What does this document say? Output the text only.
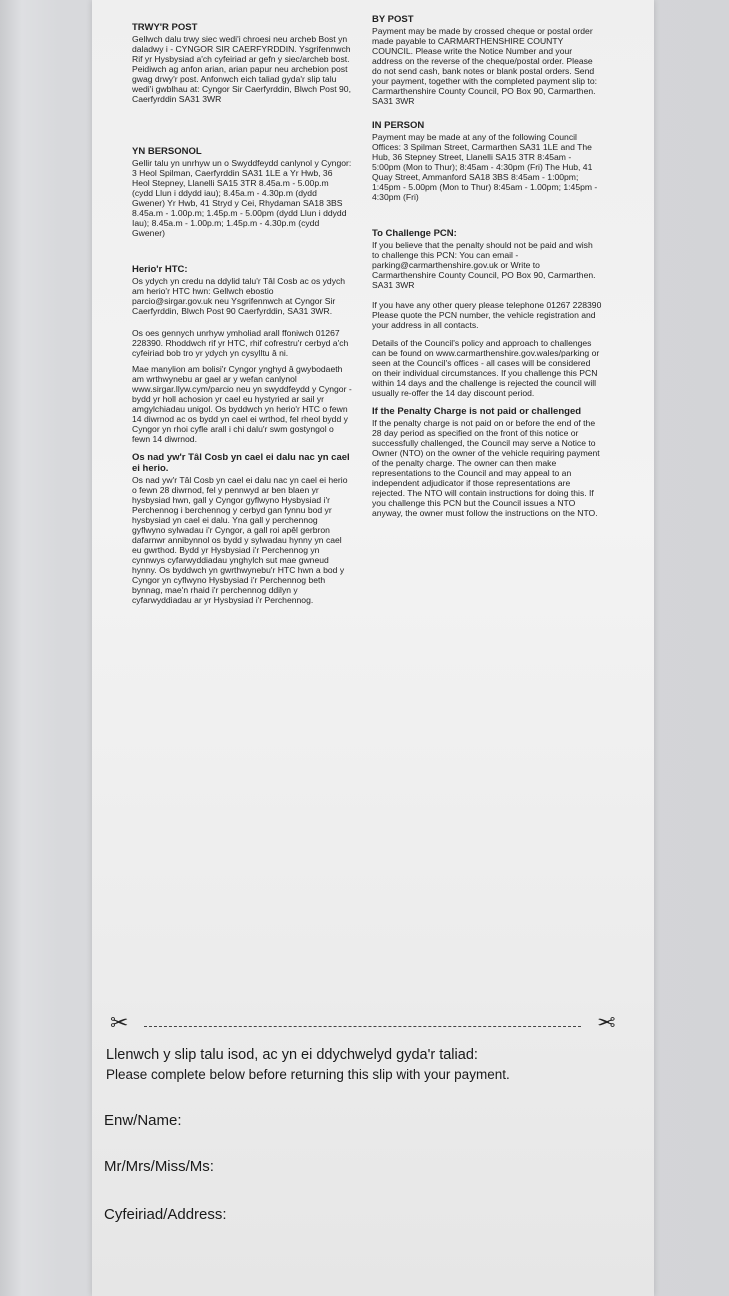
TRWY'R POST

Gellwch dalu trwy siec wedi'i chroesi neu archeb Bost yn daladwy i - CYNGOR SIR CAERFYRDDIN. Ysgrifennwch Rif yr Hysbysiad a'ch cyfeiriad ar gefn y siec/archeb bost. Peidiwch ag anfon arian, arian papur neu archebion post gwag drwy'r post. Anfonwch eich taliad gyda'r slip talu wedi'i gwblhau at: Cyngor Sir Caerfyrddin, Blwch Post 90, Caerfyrddin SA31 3WR

YN BERSONOL

Gellir talu yn unrhyw un o Swyddfeydd canlynol y Cyngor: 3 Heol Spilman, Caerfyrddin SA31 1LE a Yr Hwb, 36 Heol Stepney, Llanelli SA15 3TR 8.45a.m - 5.00p.m (cydd Llun i ddydd iau); 8.45a.m - 4.30p.m (dydd Gwener) Yr Hwb, 41 Stryd y Cei, Rhydaman SA18 3BS 8.45a.m - 1.00p.m; 1.45p.m - 5.00pm (dydd Llun i ddydd Iau); 8.45a.m - 1.00p.m; 1.45p.m - 4.30p.m (cydd Gwener)

Herio'r HTC:

Os ydych yn credu na ddylid talu'r Tâl Cosb ac os ydych am herio'r HTC hwn: Gellwch ebostio parcio@sirgar.gov.uk neu Ysgrifennwch at Cyngor Sir Caerfyrddin, Blwch Post 90 Caerfyrddin, SA31 3WR.

Os oes gennych unrhyw ymholiad arall ffoniwch 01267 228390. Rhoddwch rif yr HTC, rhif cofrestru'r cerbyd a'ch cyfeiriad bob tro yr ydych yn cysylltu â ni.

Mae manylion am bolisi'r Cyngor ynghyd â gwybodaeth am wrthwynebu ar gael ar y wefan canlynol www.sirgar.llyw.cym/parcio neu yn swyddfeydd y Cyngor - bydd yr holl achosion yr cael eu hystyried ar sail yr amgylchiadau unigol. Os byddwch yn herio'r HTC o fewn 14 diwrnod ac os bydd yn cael ei wrthod, fel rheol bydd y Cyngor yn rhoi cyfle arall i chi dalu'r swm gostyngol o fewn 14 diwrnod.

Os nad yw'r Tâl Cosb yn cael ei dalu nac yn cael ei herio.

Os nad yw'r Tâl Cosb yn cael ei dalu nac yn cael ei herio o fewn 28 diwrnod, fel y pennwyd ar ben blaen yr hysbysiad hwn, gall y Cyngor gyflwyno Hysbysiad i'r Perchennog i berchennog y cerbyd gan fynnu bod yr hysbysiad yn cael ei dalu. Yna gall y perchennog gyflwyno sylwadau i'r Cyngor, a gall roi apêl gerbron dafarnwr annibynnol os bydd y sylwadau hynny yn cael eu gwrthod. Bydd yr Hysbysiad i'r Perchennog yn cynnwys cyfarwyddiadau ynghylch sut mae gwneud hynny. Os byddwch yn gwrthwynebu'r HTC hwn a bod y Cyngor yn cyflwyno Hysbysiad i'r Perchennog beth bynnag, mae'n rhaid i'r perchennog ddilyn y cyfarwyddiadau ar yr Hysbysiad i'r Perchennog.

BY POST

Payment may be made by crossed cheque or postal order made payable to CARMARTHENSHIRE COUNTY COUNCIL. Please write the Notice Number and your address on the reverse of the cheque/postal order. Please do not send cash, bank notes or blank postal orders. Send your payment, together with the completed payment slip to: Carmarthenshire County Council, PO Box 90, Carmarthen. SA31 3WR

IN PERSON

Payment may be made at any of the following Council Offices: 3 Spilman Street, Carmarthen SA31 1LE and The Hub, 36 Stepney Street, Llanelli SA15 3TR 8:45am - 5:00pm (Mon to Thur); 8:45am - 4:30pm (Fri) The Hub, 41 Quay Street, Ammanford SA18 3BS 8:45am - 1:00pm; 1:45pm - 5.00pm (Mon to Thur) 8:45am - 1.00pm; 1:45pm - 4:30pm (Fri)

To Challenge PCN:

If you believe that the penalty should not be paid and wish to challenge this PCN: You can email - parking@carmarthenshire.gov.uk or Write to Carmarthenshire County Council, PO Box 90, Carmarthen. SA31 3WR

If you have any other query please telephone 01267 228390 Please quote the PCN number, the vehicle registration and your address in all contacts.

Details of the Council's policy and approach to challenges can be found on www.carmarthenshire.gov.wales/parking or seen at the Council's offices - all cases will be considered on their individual circumstances. If you challenge this PCN within 14 days and the challenge is rejected the council will usually re-offer the 14 day discount period.

If the Penalty Charge is not paid or challenged

If the penalty charge is not paid on or before the end of the 28 day period as specified on the front of this notice or successfully challenged, the Council may serve a Notice to Owner (NTO) on the owner of the vehicle requiring payment of the penalty charge. The owner can then make representations to the Council and may appeal to an independent adjudicator if those representations are rejected. The NTO will contain instructions for doing this. If you challenge this PCN but the Council issues a NTO anyway, the owner must follow the instructions on the NTO.

✂	✂
Llenwch y slip talu isod, ac yn ei ddychwelyd gyda'r taliad:
Please complete below before returning this slip with your payment.
Enw/Name:
Mr/Mrs/Miss/Ms:
Cyfeiriad/Address:
